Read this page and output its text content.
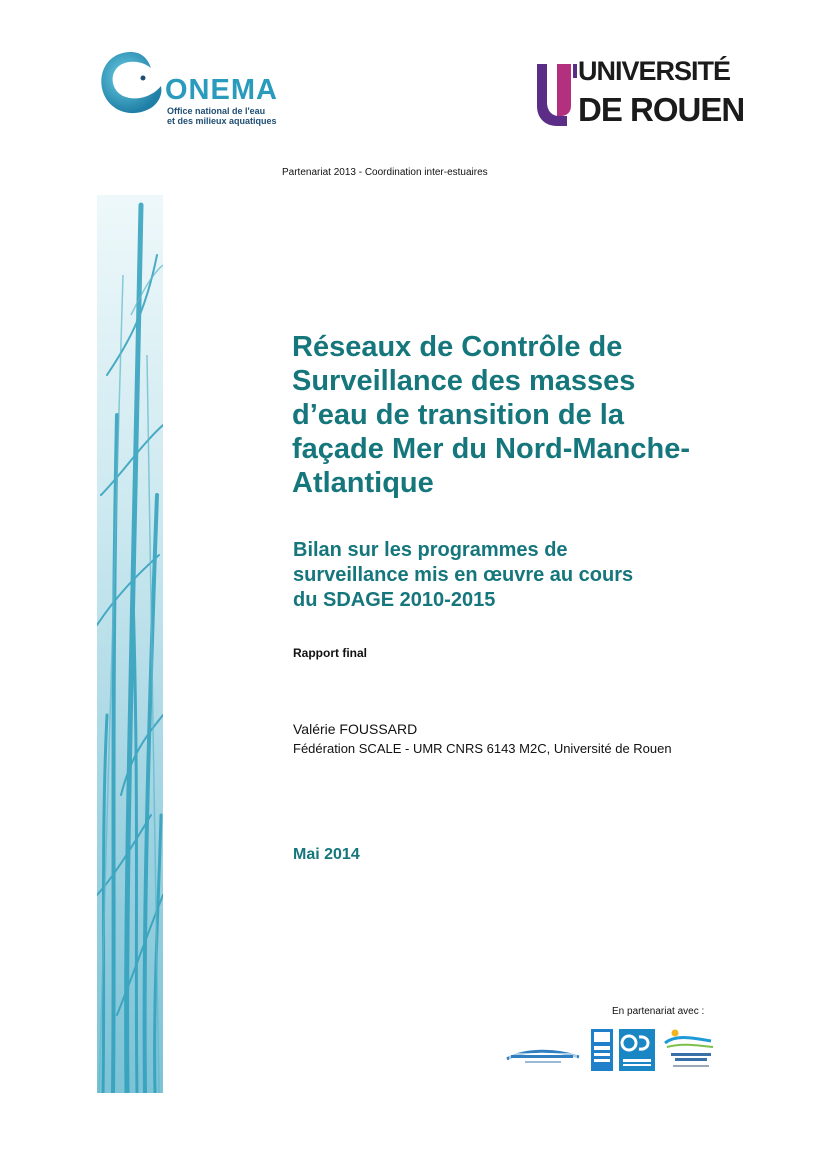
ONEMA
Office national de l'eau
et des milieux aquatiques
UNIVERSITÉ
DE ROUEN
Partenariat 2013 - Coordination inter-estuaires
Réseaux de Contrôle de
Surveillance des masses
d’eau de transition de la
façade Mer du Nord-Manche-
Atlantique
Bilan sur les programmes de
surveillance mis en œuvre au cours
du SDAGE 2010-2015
Rapport final
Valérie FOUSSARD
Fédération SCALE - UMR CNRS 6143 M2C, Université de Rouen
Mai 2014
En partenariat avec :
